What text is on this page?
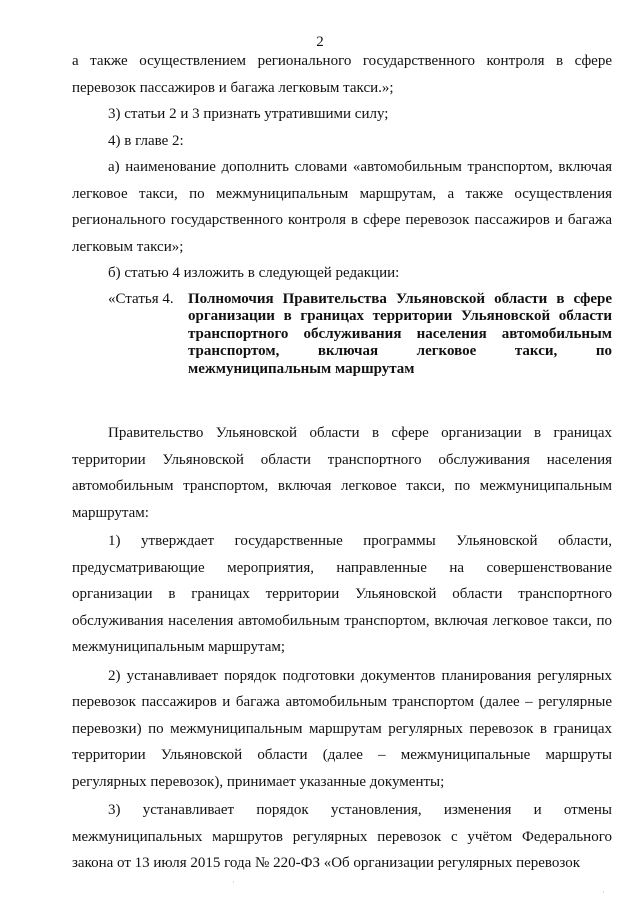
2

а также осуществлением регионального государственного контроля в сфере перевозок пассажиров и багажа легковым такси.»;

3) статьи 2 и 3 признать утратившими силу;

4) в главе 2:

а) наименование дополнить словами «автомобильным транспортом, включая легковое такси, по межмуниципальным маршрутам, а также осуществления регионального государственного контроля в сфере перевозок пассажиров и багажа легковым такси»;

б) статью 4 изложить в следующей редакции:

«Статья 4. Полномочия Правительства Ульяновской области в сфере организации в границах территории Ульяновской области транспортного обслуживания населения автомобильным транспортом, включая легковое такси, по межмуниципальным маршрутам

Правительство Ульяновской области в сфере организации в границах территории Ульяновской области транспортного обслуживания населения автомобильным транспортом, включая легковое такси, по межмуниципальным маршрутам:

1) утверждает государственные программы Ульяновской области, предусматривающие мероприятия, направленные на совершенствование организации в границах территории Ульяновской области транспортного обслуживания населения автомобильным транспортом, включая легковое такси, по межмуниципальным маршрутам;

2) устанавливает порядок подготовки документов планирования регулярных перевозок пассажиров и багажа автомобильным транспортом (далее – регулярные перевозки) по межмуниципальным маршрутам регулярных перевозок в границах территории Ульяновской области (далее – межмуниципальные маршруты регулярных перевозок), принимает указанные документы;

3) устанавливает порядок установления, изменения и отмены межмуниципальных маршрутов регулярных перевозок с учётом Федерального закона от 13 июля 2015 года № 220-ФЗ «Об организации регулярных перевозок

·
·
